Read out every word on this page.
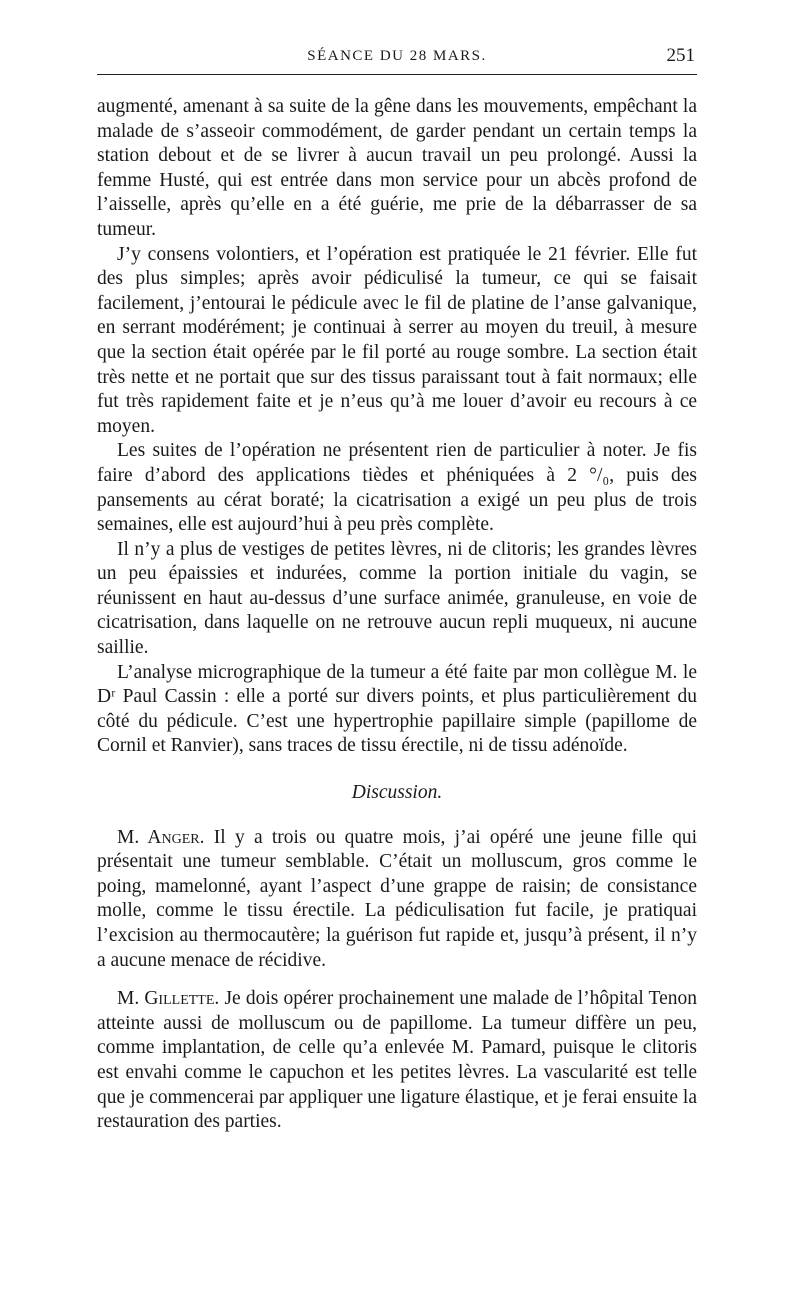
SÉANCE DU 28 MARS.	251

augmenté, amenant à sa suite de la gêne dans les mouvements, empêchant la malade de s’asseoir commodément, de garder pendant un certain temps la station debout et de se livrer à aucun travail un peu prolongé. Aussi la femme Husté, qui est entrée dans mon service pour un abcès profond de l’aisselle, après qu’elle en a été guérie, me prie de la débarrasser de sa tumeur.

J’y consens volontiers, et l’opération est pratiquée le 21 février. Elle fut des plus simples; après avoir pédiculisé la tumeur, ce qui se faisait facilement, j’entourai le pédicule avec le fil de platine de l’anse galvanique, en serrant modérément; je continuai à serrer au moyen du treuil, à mesure que la section était opérée par le fil porté au rouge sombre. La section était très nette et ne portait que sur des tissus paraissant tout à fait normaux; elle fut très rapidement faite et je n’eus qu’à me louer d’avoir eu recours à ce moyen.

Les suites de l’opération ne présentent rien de particulier à noter. Je fis faire d’abord des applications tièdes et phéniquées à 2 °/₀, puis des pansements au cérat boraté; la cicatrisation a exigé un peu plus de trois semaines, elle est aujourd’hui à peu près complète.

Il n’y a plus de vestiges de petites lèvres, ni de clitoris; les grandes lèvres un peu épaissies et indurées, comme la portion initiale du vagin, se réunissent en haut au-dessus d’une surface animée, granuleuse, en voie de cicatrisation, dans laquelle on ne retrouve aucun repli muqueux, ni aucune saillie.

L’analyse micrographique de la tumeur a été faite par mon collègue M. le Dʳ Paul Cassin : elle a porté sur divers points, et plus particulièrement du côté du pédicule. C’est une hypertrophie papillaire simple (papillome de Cornil et Ranvier), sans traces de tissu érectile, ni de tissu adénoïde.

Discussion.

M. Anger. Il y a trois ou quatre mois, j’ai opéré une jeune fille qui présentait une tumeur semblable. C’était un molluscum, gros comme le poing, mamelonné, ayant l’aspect d’une grappe de raisin; de consistance molle, comme le tissu érectile. La pédiculisation fut facile, je pratiquai l’excision au thermocautère; la guérison fut rapide et, jusqu’à présent, il n’y a aucune menace de récidive.

M. Gillette. Je dois opérer prochainement une malade de l’hôpital Tenon atteinte aussi de molluscum ou de papillome. La tumeur diffère un peu, comme implantation, de celle qu’a enlevée M. Pamard, puisque le clitoris est envahi comme le capuchon et les petites lèvres. La vascularité est telle que je commencerai par appliquer une ligature élastique, et je ferai ensuite la restauration des parties.
